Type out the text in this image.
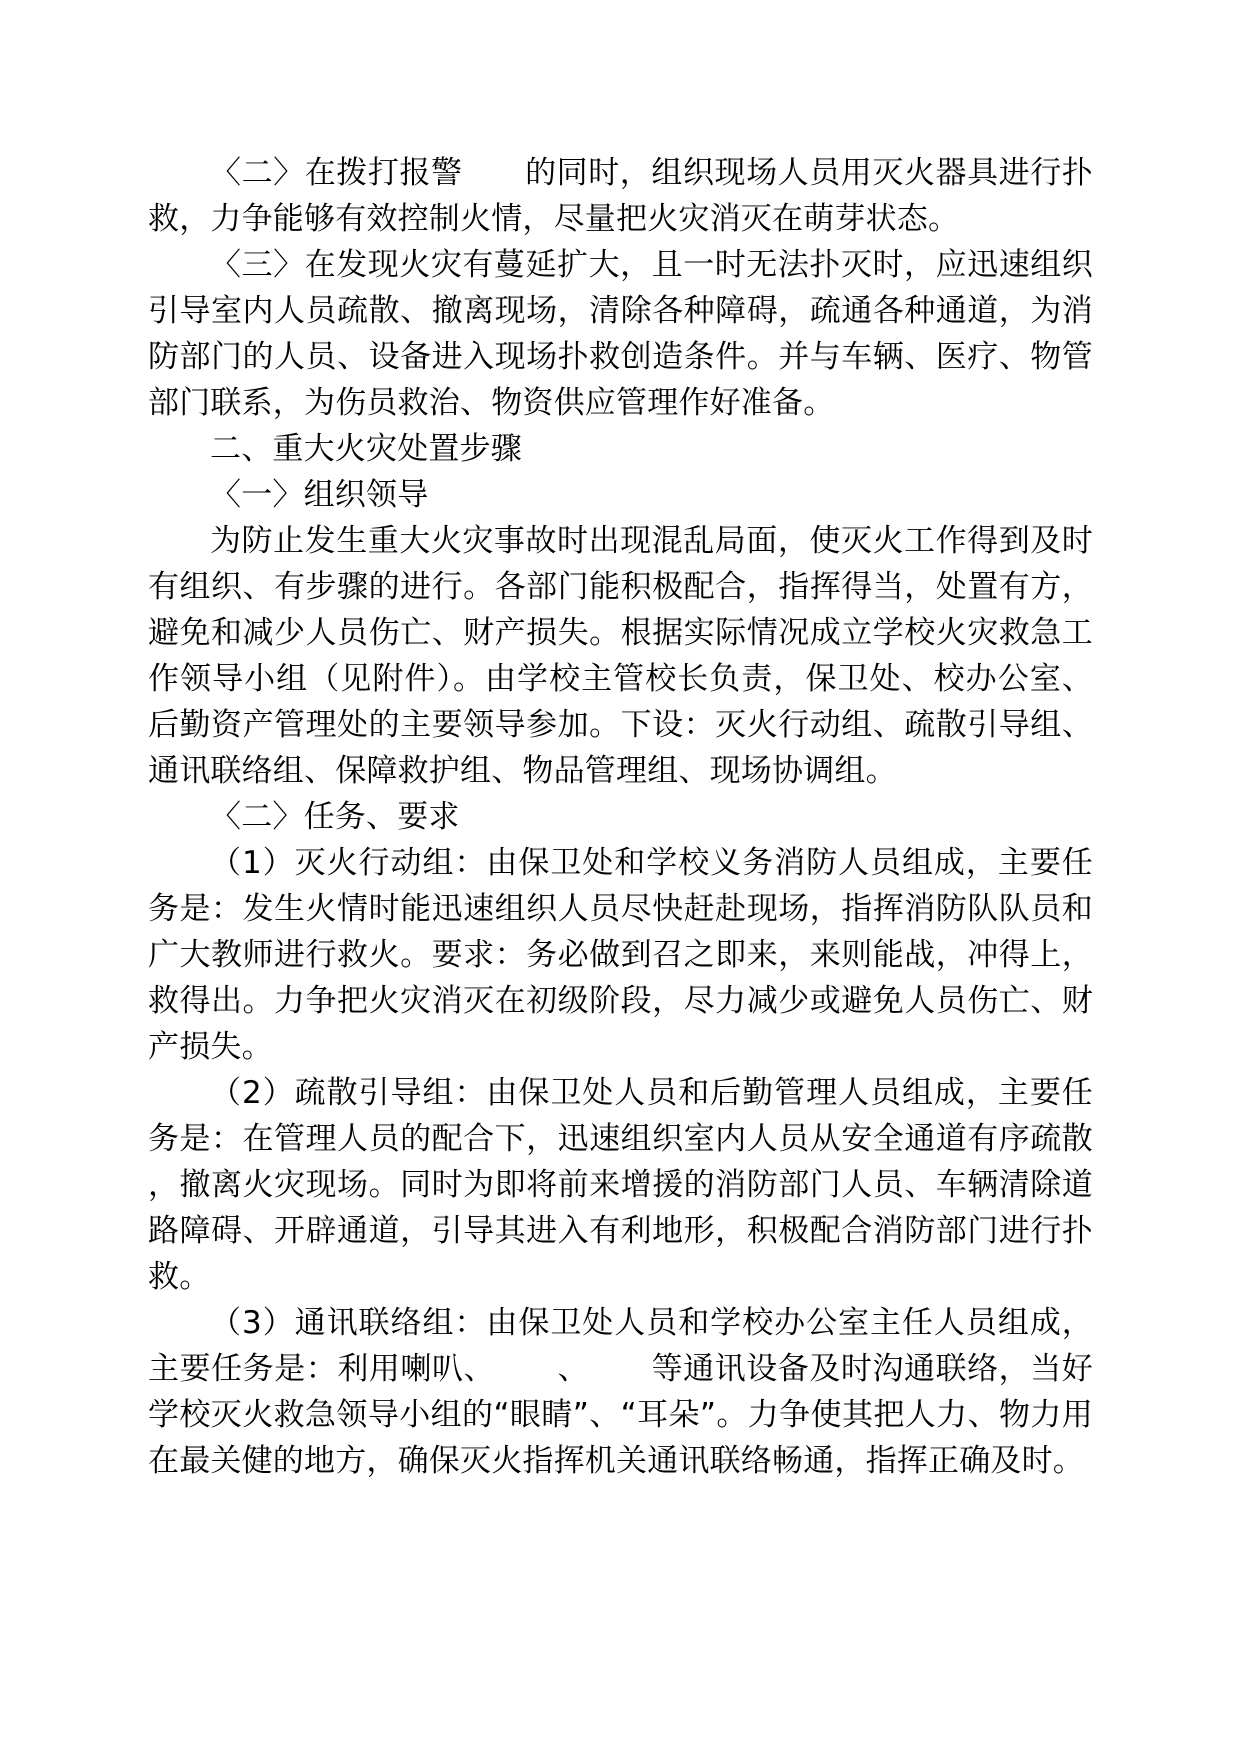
〈二〉在拨打报警      的同时，组织现场人员用灭火器具进行扑救，力争能够有效控制火情，尽量把火灾消灭在萌芽状态。

〈三〉在发现火灾有蔓延扩大，且一时无法扑灭时，应迅速组织引导室内人员疏散、撤离现场，清除各种障碍，疏通各种通道，为消防部门的人员、设备进入现场扑救创造条件。并与车辆、医疗、物管部门联系，为伤员救治、物资供应管理作好准备。

二、重大火灾处置步骤

〈一〉组织领导

为防止发生重大火灾事故时出现混乱局面，使灭火工作得到及时有组织、有步骤的进行。各部门能积极配合，指挥得当，处置有方，避免和减少人员伤亡、财产损失。根据实际情况成立学校火灾救急工作领导小组（见附件）。由学校主管校长负责，保卫处、校办公室、后勤资产管理处的主要领导参加。下设：灭火行动组、疏散引导组、通讯联络组、保障救护组、物品管理组、现场协调组。

〈二〉任务、要求

（1）灭火行动组：由保卫处和学校义务消防人员组成，主要任务是：发生火情时能迅速组织人员尽快赶赴现场，指挥消防队队员和广大教师进行救火。要求：务必做到召之即来，来则能战，冲得上，救得出。力争把火灾消灭在初级阶段，尽力减少或避免人员伤亡、财产损失。

（2）疏散引导组：由保卫处人员和后勤管理人员组成，主要任务是：在管理人员的配合下，迅速组织室内人员从安全通道有序疏散，撤离火灾现场。同时为即将前来增援的消防部门人员、车辆清除道路障碍、开辟通道，引导其进入有利地形，积极配合消防部门进行扑救。

（3）通讯联络组：由保卫处人员和学校办公室主任人员组成，主要任务是：利用喇叭、      、      等通讯设备及时沟通联络，当好学校灭火救急领导小组的“眼睛”、“耳朵”。力争使其把人力、物力用在最关健的地方，确保灭火指挥机关通讯联络畅通，指挥正确及时。
